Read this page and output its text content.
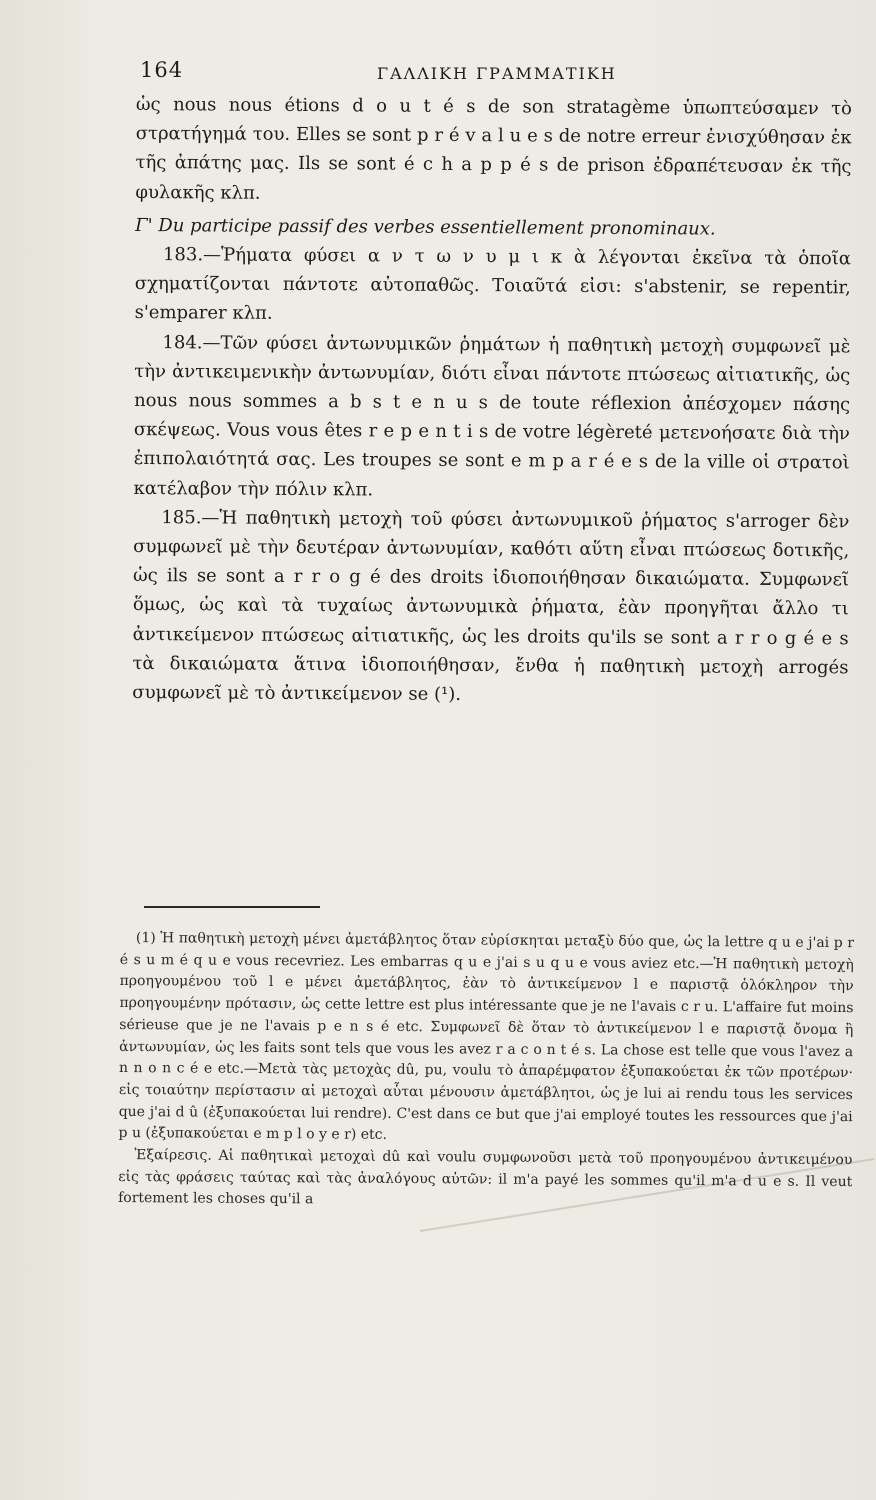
164	ΓΑΛΛΙΚΗ ΓΡΑΜΜΑΤΙΚΗ

ὡς nous nous étions d o u t é s de son stratagème ὑπωπτεύσαμεν τὸ στρατήγημά του. Elles se sont p r é v a l u e s de notre erreur ἐνισχύθησαν ἐκ τῆς ἀπάτης μας. Ils se sont é c h a p p é s de prison ἐδραπέτευσαν ἐκ τῆς φυλακῆς κλπ.

Γ' Du participe passif des verbes essentiellement pronominaux.

183.—Ῥήματα φύσει α ν τ ω ν υ μ ι κ ὰ λέγονται ἐκεῖνα τὰ ὁποῖα σχηματίζονται πάντοτε αὐτοπαθῶς. Τοιαῦτά εἰσι: s'abstenir, se repentir, s'emparer κλπ.

184.—Τῶν φύσει ἀντωνυμικῶν ῥημάτων ἡ παθητικὴ μετοχὴ συμφωνεῖ μὲ τὴν ἀντικειμενικὴν ἀντωνυμίαν, διότι εἶναι πάντοτε πτώσεως αἰτιατικῆς, ὡς nous nous sommes a b s t e n u s de toute réflexion ἀπέσχομεν πάσης σκέψεως. Vous vous êtes r e p e n t i s de votre légèreté μετενοήσατε διὰ τὴν ἐπιπολαιότητά σας. Les troupes se sont e m p a r é e s de la ville οἱ στρατοὶ κατέλαβον τὴν πόλιν κλπ.

185.—Ἡ παθητικὴ μετοχὴ τοῦ φύσει ἀντωνυμικοῦ ῥήματος s'arroger δὲν συμφωνεῖ μὲ τὴν δευτέραν ἀντωνυμίαν, καθότι αὕτη εἶναι πτώσεως δοτικῆς, ὡς ils se sont a r r o g é des droits ἰδιοποιήθησαν δικαιώματα. Συμφωνεῖ ὅμως, ὡς καὶ τὰ τυχαίως ἀντωνυμικὰ ῥήματα, ἐὰν προηγῆται ἄλλο τι ἀντικείμενον πτώσεως αἰτιατικῆς, ὡς les droits qu'ils se sont a r r o g é e s τὰ δικαιώματα ἅτινα ἰδιοποιήθησαν, ἔνθα ἡ παθητικὴ μετοχὴ arrogés συμφωνεῖ μὲ τὸ ἀντικείμενον se (¹).

(1) Ἡ παθητικὴ μετοχὴ μένει ἀμετάβλητος ὅταν εὑρίσκηται μεταξὺ δύο que, ὡς la lettre q u e j'ai p r é s u m é q u e vous recevriez. Les embarras q u e j'ai s u q u e vous aviez etc.—Ἡ παθητικὴ μετοχὴ προηγουμένου τοῦ l e μένει ἀμετάβλητος, ἐὰν τὸ ἀντικείμενον l e παριστᾷ ὁλόκληρον τὴν προηγουμένην πρότασιν, ὡς cette lettre est plus intéressante que je ne l'avais c r u. L'affaire fut moins sérieuse que je ne l'avais p e n s é etc. Συμφωνεῖ δὲ ὅταν τὸ ἀντικείμενον l e παριστᾷ ὄνομα ἢ ἀντωνυμίαν, ὡς les faits sont tels que vous les avez r a c o n t é s. La chose est telle que vous l'avez a n n o n c é e etc.—Μετὰ τὰς μετοχὰς dû, pu, voulu τὸ ἀπαρέμφατον ἐξυπακούεται ἐκ τῶν προτέρων· εἰς τοιαύτην περίστασιν αἱ μετοχαὶ αὗται μένουσιν ἀμετάβλητοι, ὡς je lui ai rendu tous les services que j'ai d û (ἐξυπακούεται lui rendre). C'est dans ce but que j'ai employé toutes les ressources que j'ai p u (ἐξυπακούεται e m p l o y e r) etc.

Ἐξαίρεσις. Αἱ παθητικαὶ μετοχαὶ dû καὶ voulu συμφωνοῦσι μετὰ τοῦ προηγουμένου ἀντικειμένου εἰς τὰς φράσεις ταύτας καὶ τὰς ἀναλόγους αὐτῶν: il m'a payé les sommes qu'il m'a d u e s. Il veut fortement les choses qu'il a
